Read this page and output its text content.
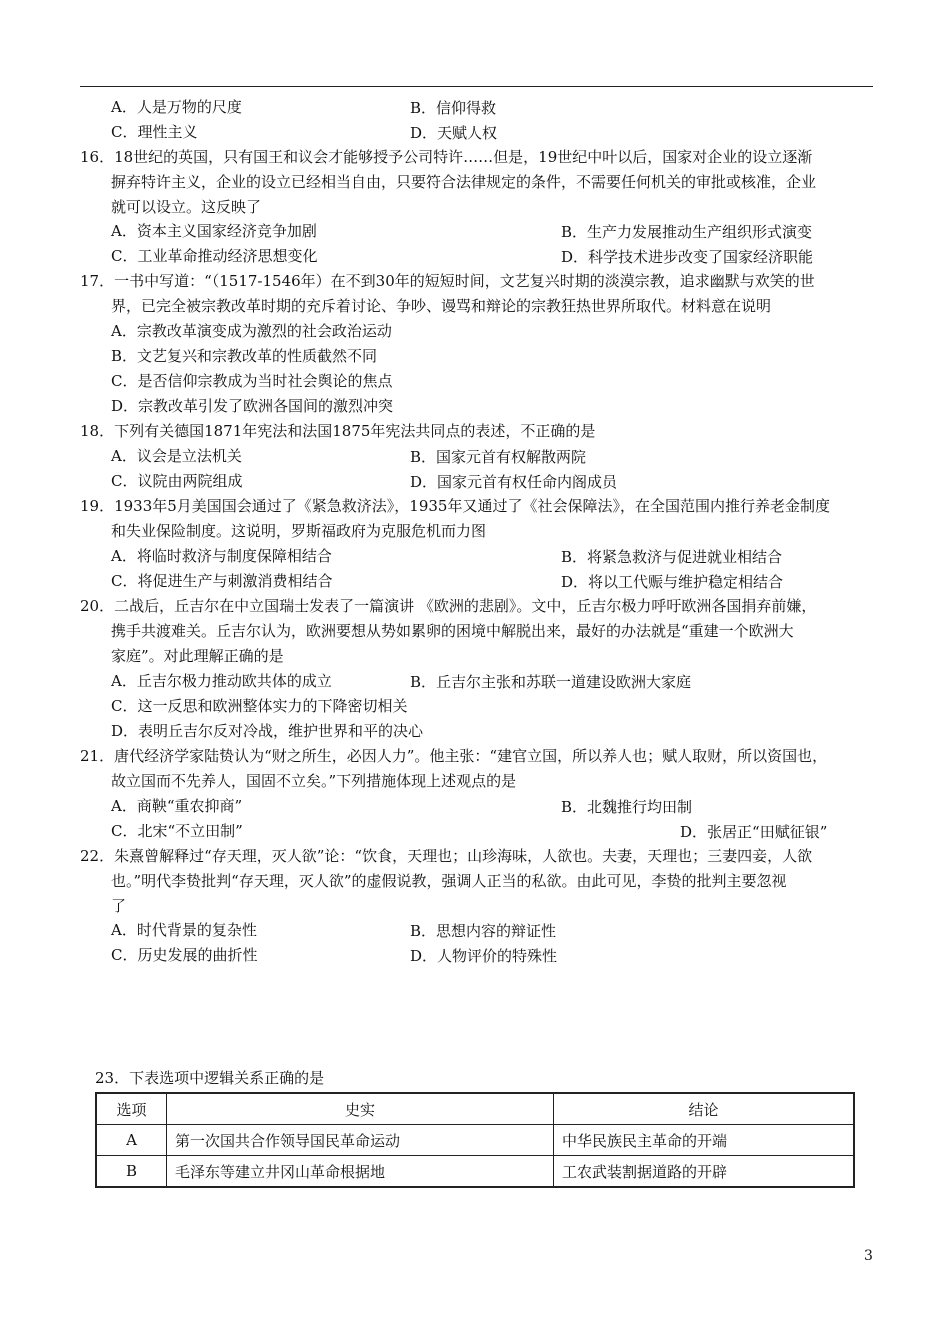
A．人是万物的尺度	B．信仰得救
C．理性主义	D．天赋人权
16．18世纪的英国，只有国王和议会才能够授予公司特许……但是，19世纪中叶以后，国家对企业的设立逐渐
摒弃特许主义，企业的设立已经相当自由，只要符合法律规定的条件，不需要任何机关的审批或核准，企业
就可以设立。这反映了
A．资本主义国家经济竞争加剧	B．生产力发展推动生产组织形式演变
C．工业革命推动经济思想变化	D．科学技术进步改变了国家经济职能
17．一书中写道：“（1517-1546年）在不到30年的短短时间，文艺复兴时期的淡漠宗教，追求幽默与欢笑的世
界，已完全被宗教改革时期的充斥着讨论、争吵、谩骂和辩论的宗教狂热世界所取代。材料意在说明
A．宗教改革演变成为激烈的社会政治运动
B．文艺复兴和宗教改革的性质截然不同
C．是否信仰宗教成为当时社会舆论的焦点
D．宗教改革引发了欧洲各国间的激烈冲突
18．下列有关德国1871年宪法和法国1875年宪法共同点的表述，不正确的是
A．议会是立法机关	B．国家元首有权解散两院
C．议院由两院组成	D．国家元首有权任命内阁成员
19．1933年5月美国国会通过了《紧急救济法》，1935年又通过了《社会保障法》，在全国范围内推行养老金制度
和失业保险制度。这说明，罗斯福政府为克服危机而力图
A．将临时救济与制度保障相结合	B．将紧急救济与促进就业相结合
C．将促进生产与刺激消费相结合	D．将以工代赈与维护稳定相结合
20．二战后，丘吉尔在中立国瑞士发表了一篇演讲 《欧洲的悲剧》。文中，丘吉尔极力呼吁欧洲各国捐弃前嫌，
携手共渡难关。丘吉尔认为，欧洲要想从势如累卵的困境中解脱出来，最好的办法就是“重建一个欧洲大
家庭”。对此理解正确的是
A．丘吉尔极力推动欧共体的成立	B．丘吉尔主张和苏联一道建设欧洲大家庭
C．这一反思和欧洲整体实力的下降密切相关
D．表明丘吉尔反对冷战，维护世界和平的决心
21．唐代经济学家陆贽认为“财之所生，必因人力”。他主张：“建官立国，所以养人也；赋人取财，所以资国也，
故立国而不先养人，国固不立矣。”下列措施体现上述观点的是
A．商鞅“重农抑商”	B．北魏推行均田制
C．北宋“不立田制”	D．张居正“田赋征银”
22．朱熹曾解释过“存天理，灭人欲”论：“饮食，天理也；山珍海味，人欲也。夫妻，天理也；三妻四妾，人欲
也。”明代李贽批判“存天理，灭人欲”的虚假说教，强调人正当的私欲。由此可见，李贽的批判主要忽视
了
A．时代背景的复杂性	B．思想内容的辩证性
C．历史发展的曲折性	D．人物评价的特殊性
23．下表选项中逻辑关系正确的是
选项	史实	结论
A	第一次国共合作领导国民革命运动	中华民族民主革命的开端
B	毛泽东等建立井冈山革命根据地	工农武装割据道路的开辟
3
